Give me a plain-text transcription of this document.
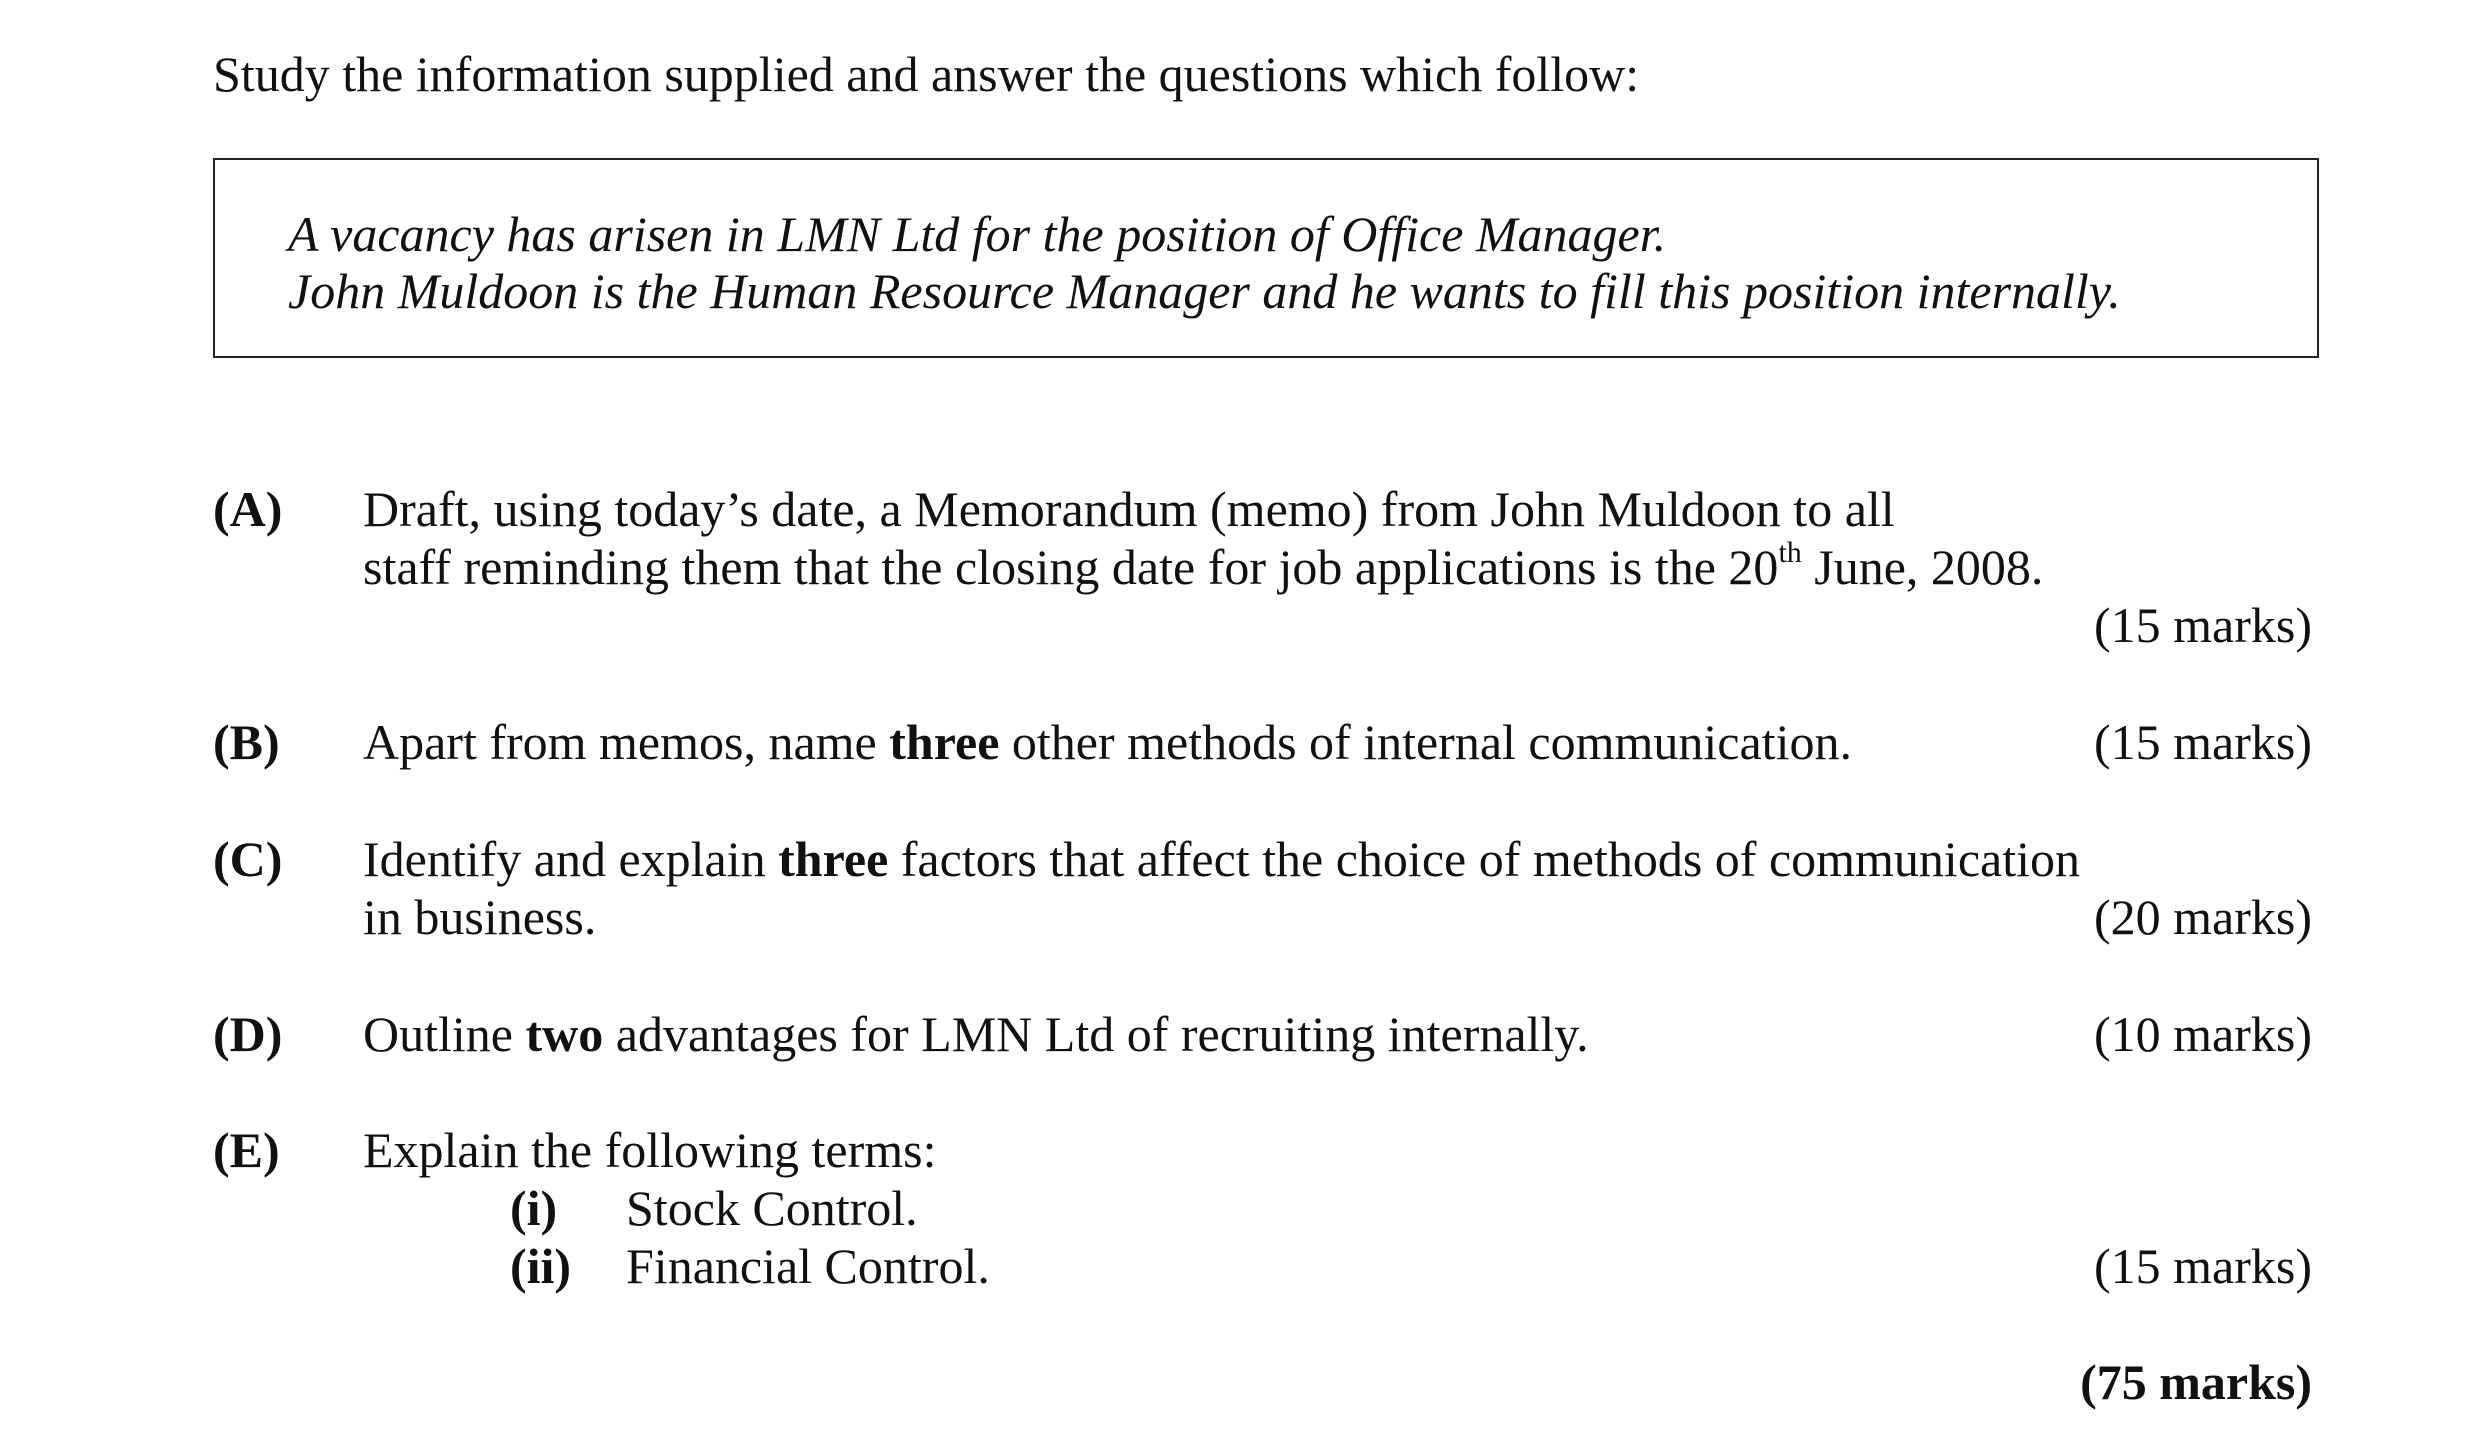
Study the information supplied and answer the questions which follow:
A vacancy has arisen in LMN Ltd for the position of Office Manager.
John Muldoon is the Human Resource Manager and he wants to fill this position internally.
(A) Draft, using today’s date, a Memorandum (memo) from John Muldoon to all
staff reminding them that the closing date for job applications is the 20th June, 2008.
(15 marks)
(B) Apart from memos, name three other methods of internal communication.	(15 marks)
(C) Identify and explain three factors that affect the choice of methods of communication
in business.	(20 marks)
(D) Outline two advantages for LMN Ltd of recruiting internally.	(10 marks)
(E) Explain the following terms:
(i) Stock Control.
(ii) Financial Control.	(15 marks)
(75 marks)
